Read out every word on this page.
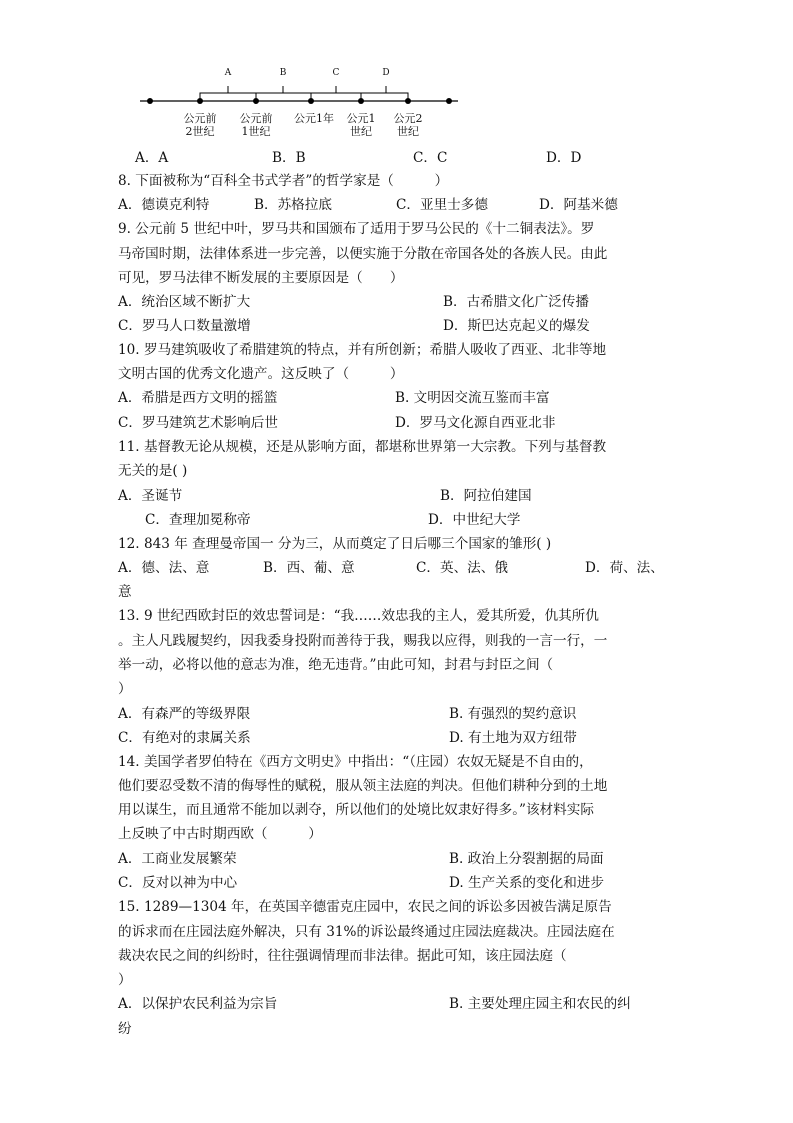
A	B	C	D
公元前
2世纪
公元前
1世纪
公元1年	公元1
世纪
公元2
世纪
A．A	B．B	C．C	D．D
8. 下面被称为“百科全书式学者”的哲学家是（　　　）
A．德谟克利特	B．苏格拉底	C．亚里士多德	D．阿基米德
9. 公元前 5 世纪中叶，罗马共和国颁布了适用于罗马公民的《十二铜表法》。罗
马帝国时期，法律体系进一步完善，以便实施于分散在帝国各处的各族人民。由此
可见，罗马法律不断发展的主要原因是（　　）
A．统治区域不断扩大	B．古希腊文化广泛传播
C．罗马人口数量激增	D．斯巴达克起义的爆发
10. 罗马建筑吸收了希腊建筑的特点，并有所创新；希腊人吸收了西亚、北非等地
文明古国的优秀文化遗产。这反映了（　　　）
A．希腊是西方文明的摇篮	B. 文明因交流互鉴而丰富
C．罗马建筑艺术影响后世	D．罗马文化源自西亚北非
11. 基督教无论从规模，还是从影响方面，都堪称世界第一大宗教。下列与基督教
无关的是( )
A．圣诞节	B．阿拉伯建国
C．查理加冕称帝	D．中世纪大学
12. 843 年 查理曼帝国一 分为三，从而奠定了日后哪三个国家的雏形( )
A．德、法、意	B．西、葡、意	C．英、法、俄	D．荷、法、
意
13. 9 世纪西欧封臣的效忠誓词是：“我……效忠我的主人，爱其所爱，仇其所仇
。主人凡践履契约，因我委身投附而善待于我，赐我以应得，则我的一言一行，一
举一动，必将以他的意志为准，绝无违背。”由此可知，封君与封臣之间（
）
A．有森严的等级界限	B. 有强烈的契约意识
C．有绝对的隶属关系	D. 有土地为双方纽带
14. 美国学者罗伯特在《西方文明史》中指出：“（庄园）农奴无疑是不自由的，
他们要忍受数不清的侮辱性的赋税，服从领主法庭的判决。但他们耕种分到的土地
用以谋生，而且通常不能加以剥夺，所以他们的处境比奴隶好得多。”该材料实际
上反映了中古时期西欧（　　　）
A．工商业发展繁荣	B. 政治上分裂割据的局面
C．反对以神为中心	D. 生产关系的变化和进步
15. 1289—1304 年，在英国辛德雷克庄园中，农民之间的诉讼多因被告满足原告
的诉求而在庄园法庭外解决，只有 31%的诉讼最终通过庄园法庭裁决。庄园法庭在
裁决农民之间的纠纷时，往往强调情理而非法律。据此可知，该庄园法庭（
）
A．以保护农民利益为宗旨	B. 主要处理庄园主和农民的纠
纷
